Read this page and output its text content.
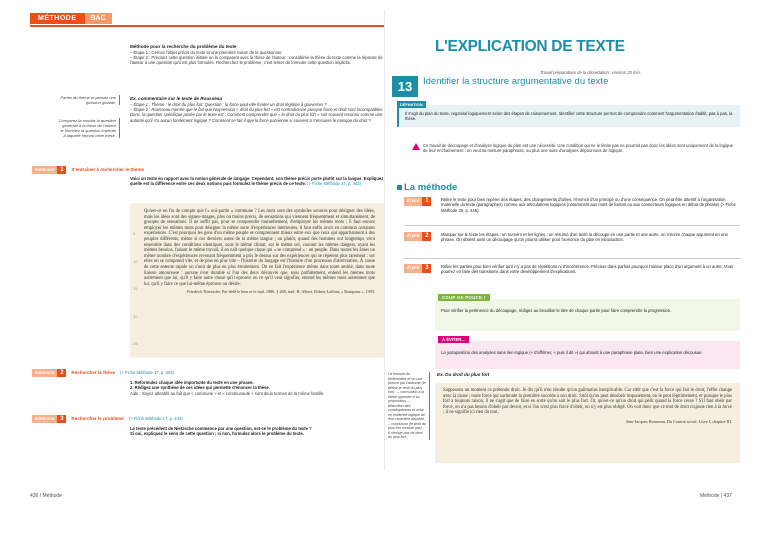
MÉTHODE	BAC
Méthode pour la recherche du problème du texte
– Étape 1 : Cernez l'objet précis du texte et une première raison de le questionner.
– Étape 2 : Précisez cette question initiale en la comparant avec la thèse de l'auteur : considérée la thèse du texte comme la réponse de l'auteur à une question qu'il est plus formulée. Recherchez le problème, c'est tenter de formuler cette question implicite.
Partez du thème et pensez une question globale.
Comparez-la ensuite la question générale à la thèse de l'auteur et formulez la question implicite à laquelle répond cette thèse.
Ex. commentaire sur le texte de Rousseau
– Étape 1 : Thème : le droit du plus fort. Question : la force peut-elle fonder un droit légitime à gouverner ?
– Étape 2 : Rousseau montre que le fait que l'expression « droit du plus fort » est contradictoire puisque force et droit sont incompatibles. Donc, la question spécifique posée par le texte est : Comment comprendre que « le droit du plus fort » soit souvent reconnu comme une autorité qu'il n'a aucun fondement logique ? Comment se fait-il que la force parvienne si souvent à s'ensuivre le masque du droit ?
EXERCICE 1	S'entraîner à rechercher le thème
Voici un texte en rapport avec la notion générale de langage. Cependant, son thème précis porte plutôt sur la langue. Expliquez quelle est la différence entre ces deux notions puis formulez le thème précis de ce texte. (> Fiche Méthode 17, p. 443)
5
10
15
20
25

Qu'est-ce en fin de compte que l'« ouï-partie » commune ? Les mots sont des symboles sonores pour désigner des idées, mais les idées sont des signes-images, plus ou moins précis, de sensations qui viennent fréquemment et simultanément, de groupes de sensations. Il ne suffit pas, pour se comprendre mutuellement, d'employer les mêmes mots ; il faut encore employer les mêmes mots pour désigner la même sorte d'expériences intérieures, il faut enfin avoir en commun certaines expériences. C'est pourquoi les gens d'un même peuple se comprennent mieux entre eux que ceux qui appartiennent à des peuples différents, même si ces derniers usent de la même langue ; ou plutôt, quand des hommes ont longtemps vécu ensemble dans des conditions identiques, sous le même climat, sur le même sol, courant les mêmes dangers, ayant les mêmes besoins, faisant le même travail, il en naît quelque chose qui « se comprend » : un peuple. Dans toutes les âmes un même nombre d'expériences revenant fréquemment a pris le dessus sur des expériences qui se répètent plus rarement : sur elles on se comprend vite, et de plus en plus vite – l'histoire du langage est l'histoire d'un processus d'abréviation. À cause de cette entente rapide on s'unit de plus en plus étroitement. On en fait l'expérience même dans toute amitié, dans toute liaison amoureuse : aucune n'est durable si l'un des deux découvre que, sous parfaitement, entend les mêmes mots autrement que lui, qu'il y faire autre chose qu'il éprouve ou ce qu'il veut signifier, entend les mêmes mots autrement que lui, qu'il y faire ce que lui-même éprouve ou désire.

Friedrich Nietzsche, Par-delà le bien et le mal, 1886, § 268, trad. H. Albert, Robert Laffont, « Bouquins », 1993.
EXERCICE 2	Rechercher la thèse (> Fiche Méthode 17, p. 443)
1. Reformulez chaque idée importante du texte en une phrase.
2. Rédigez une synthèse de ces idées qui permette d'énoncer la thèse.
Aide : Soyez attentifs au fait que « commune » et « communauté » sont deux termes de la même famille.
EXERCICE 3	Rechercher le problème (> Fiche Méthode 17, p. 443)
Le texte précédent de Nietzsche commence par une question, est-ce le problème du texte ?
Si oui, expliquez le sens de cette question ; si non, formulez alors le problème du texte.
436 / Méthode
L'EXPLICATION DE TEXTE
Travail préparatoire de la dissertation : environ 20 min.
13	Identifier la structure argumentative du texte
Il s'agit du plan du texte, organisé logiquement selon des étapes de raisonnement. Identifier cette structure permet de comprendre comment l'argumentation établit, pas à pas, la thèse.
DÉFINITION
Ce travail de découpage et d'analyse logique du plan est une nécessité. Une condition qui ne le limite pas ne pourrait pas donc les idées sont uniquement de la logique de leur enchaînement : on veut sa mesure paraphrase, au plus une suite d'analyses dépourvues de logique.
La méthode
ÉTAPE 1	Relire le texte pour bien repérer des étapes, des changements d'idées, l'énoncé d'un principe ou d'une conséquence. On peut être attentif à l'organisation matérielle du texte (paragraphes) comme aux articulations logiques (notamment aux mots de liaison ou aux connecteurs logiques en début de phrase) (> Fiche Méthode 20, p. 445).
ÉTAPE 2	Marquer sur le texte les étapes : un numéro et les lignes ; un résumé d'un texte la découpe en une partie et une autre, on n'écrire chaque argument en une phrase. On obtient ainsi un découpage qu'on pourra utiliser pour l'annonce du plan en introduction.
ÉTAPE 3	Relier les parties pour bien vérifier qu'il n'y a pas de répétitions ni d'incohérence. Préciser dans parfois pourquoi l'auteur place d'un argument à un autre. Vous pourrez en faire des transitions dans votre développement d'explications.
Pour vérifier la pertinence du découpage, rédigez au brouillon le titre de chaque partie pour faire comprendre la progression.
COUP DE POUCE !
La juxtaposition des analyses sans lien logique (« d'affirmer, « puis il dit ») qui aboutit à une paraphrase plate, bien une explication décousue.
À ÉVITER...
La formule du dictionnaire et on une preuve par l'absurde (le définir le droit du plus fort) : – conclusion à la thèse opposée à sa proposition, – déduction des conséquences et mise en évidence logique de leur caractère absurde, – conclusion (le droit du plus fort n'existe pas) : il n'existe pas de droit du plus fort.
Ex. Du droit du plus fort

Supposons un moment ce prétendu droit. Je dis qu'il n'en résulte qu'un galimatias inexplicable. Car sitôt que c'est la force qui fait le droit, l'effet change avec la cause ; toute force qui surmonte la première succède à son droit. Sitôt qu'on peut désobéir impunément, on le peut légitimement, et puisque le plus fort a toujours raison, il ne s'agit que de faire en sorte qu'on soit le plus fort. Or, qu'est-ce qu'un droit qui périt quand la force cesse ? S'il faut obéir par force, on n'a pas besoin d'obéir par devoir, et si l'on n'est plus forcé d'obéir, on n'y est plus obligé. On voit donc que ce mot de droit n'ajoute rien à la force ; il ne signifie ici rien du tout.

Jean-Jacques Rousseau, Du Contrat social, Livre I, chapitre III.
Méthode / 437
